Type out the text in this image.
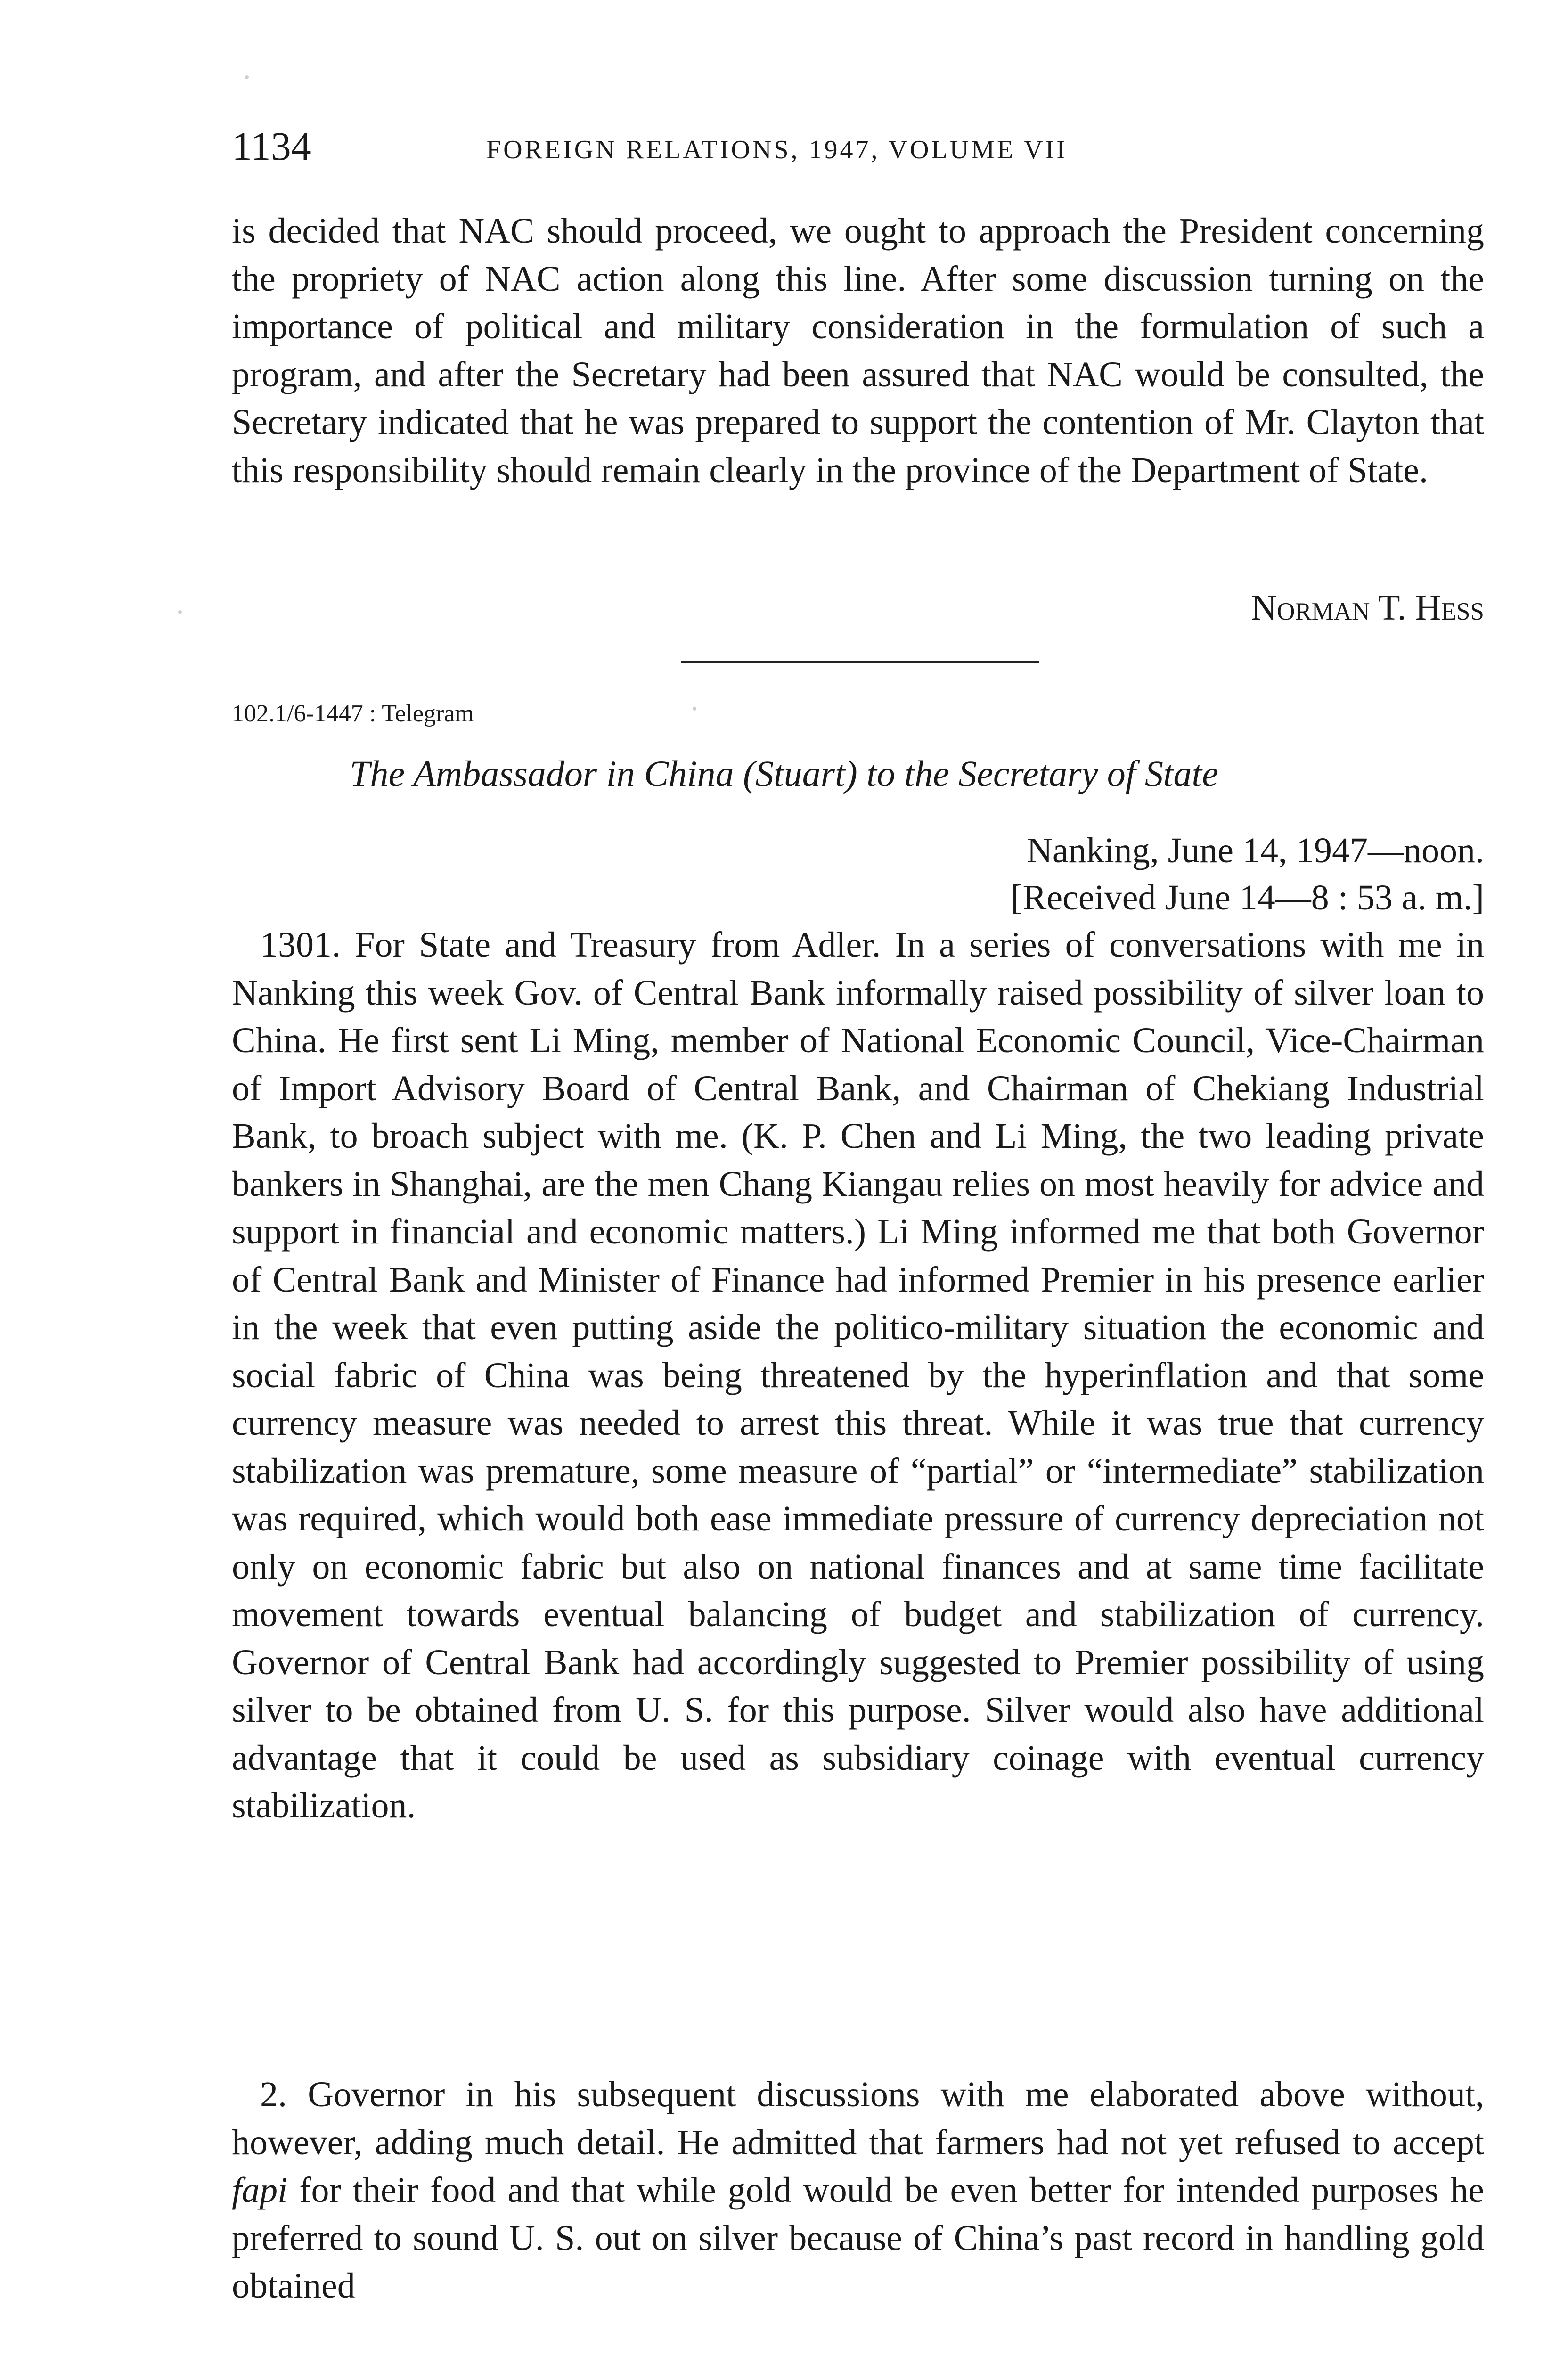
1134	FOREIGN RELATIONS, 1947, VOLUME VII

is decided that NAC should proceed, we ought to approach the President concerning the propriety of NAC action along this line. After some discussion turning on the importance of political and military consideration in the formulation of such a program, and after the Secretary had been assured that NAC would be consulted, the Secretary indicated that he was prepared to support the contention of Mr. Clayton that this responsibility should remain clearly in the province of the Department of State.

Norman T. Hess
102.1/6-1447 : Telegram
The Ambassador in China (Stuart) to the Secretary of State
Nanking, June 14, 1947—noon.
[Received June 14—8 : 53 a. m.]

1301. For State and Treasury from Adler. In a series of conversations with me in Nanking this week Gov. of Central Bank informally raised possibility of silver loan to China. He first sent Li Ming, member of National Economic Council, Vice-Chairman of Import Advisory Board of Central Bank, and Chairman of Chekiang Industrial Bank, to broach subject with me. (K. P. Chen and Li Ming, the two leading private bankers in Shanghai, are the men Chang Kiangau relies on most heavily for advice and support in financial and economic matters.) Li Ming informed me that both Governor of Central Bank and Minister of Finance had informed Premier in his presence earlier in the week that even putting aside the politico-military situation the economic and social fabric of China was being threatened by the hyperinflation and that some currency measure was needed to arrest this threat. While it was true that currency stabilization was premature, some measure of “partial” or “intermediate” stabilization was required, which would both ease immediate pressure of currency depreciation not only on economic fabric but also on national finances and at same time facilitate movement towards eventual balancing of budget and stabilization of currency. Governor of Central Bank had accordingly suggested to Premier possibility of using silver to be obtained from U. S. for this purpose. Silver would also have additional advantage that it could be used as subsidiary coinage with eventual currency stabilization.

2. Governor in his subsequent discussions with me elaborated above without, however, adding much detail. He admitted that farmers had not yet refused to accept fapi for their food and that while gold would be even better for intended purposes he preferred to sound U. S. out on silver because of China’s past record in handling gold obtained
